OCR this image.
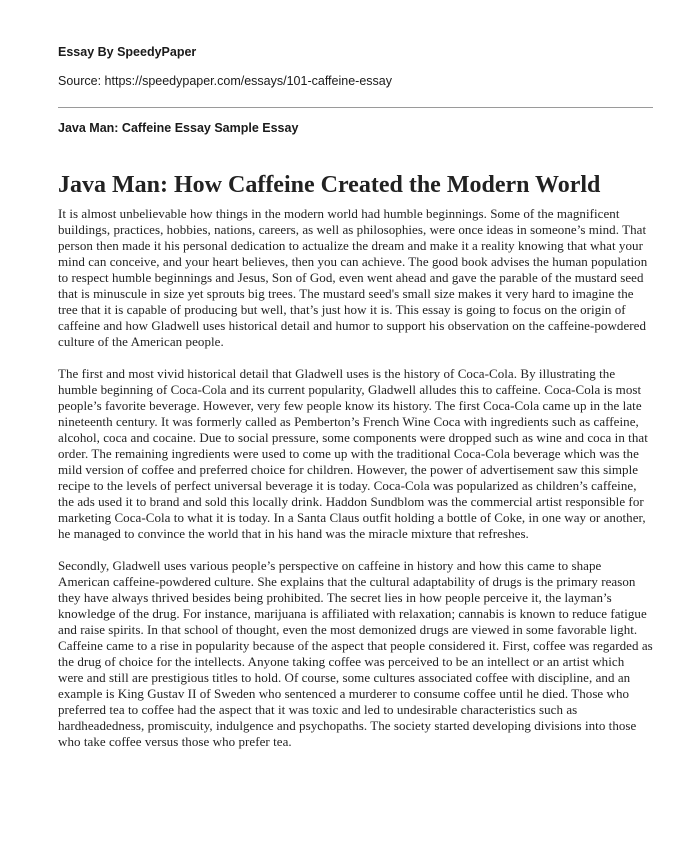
Essay By SpeedyPaper

Source: https://speedypaper.com/essays/101-caffeine-essay

Java Man: Caffeine Essay Sample Essay

Java Man: How Caffeine Created the Modern World

It is almost unbelievable how things in the modern world had humble beginnings. Some of the magnificent buildings, practices, hobbies, nations, careers, as well as philosophies, were once ideas in someone’s mind. That person then made it his personal dedication to actualize the dream and make it a reality knowing that what your mind can conceive, and your heart believes, then you can achieve. The good book advises the human population to respect humble beginnings and Jesus, Son of God, even went ahead and gave the parable of the mustard seed that is minuscule in size yet sprouts big trees. The mustard seed's small size makes it very hard to imagine the tree that it is capable of producing but well, that’s just how it is. This essay is going to focus on the origin of caffeine and how Gladwell uses historical detail and humor to support his observation on the caffeine-powdered culture of the American people.

The first and most vivid historical detail that Gladwell uses is the history of Coca-Cola. By illustrating the humble beginning of Coca-Cola and its current popularity, Gladwell alludes this to caffeine. Coca-Cola is most people’s favorite beverage. However, very few people know its history. The first Coca-Cola came up in the late nineteenth century. It was formerly called as Pemberton’s French Wine Coca with ingredients such as caffeine, alcohol, coca and cocaine. Due to social pressure, some components were dropped such as wine and coca in that order. The remaining ingredients were used to come up with the traditional Coca-Cola beverage which was the mild version of coffee and preferred choice for children. However, the power of advertisement saw this simple recipe to the levels of perfect universal beverage it is today. Coca-Cola was popularized as children’s caffeine, the ads used it to brand and sold this locally drink. Haddon Sundblom was the commercial artist responsible for marketing Coca-Cola to what it is today. In a Santa Claus outfit holding a bottle of Coke, in one way or another, he managed to convince the world that in his hand was the miracle mixture that refreshes.

Secondly, Gladwell uses various people’s perspective on caffeine in history and how this came to shape American caffeine-powdered culture. She explains that the cultural adaptability of drugs is the primary reason they have always thrived besides being prohibited. The secret lies in how people perceive it, the layman’s knowledge of the drug. For instance, marijuana is affiliated with relaxation; cannabis is known to reduce fatigue and raise spirits. In that school of thought, even the most demonized drugs are viewed in some favorable light. Caffeine came to a rise in popularity because of the aspect that people considered it. First, coffee was regarded as the drug of choice for the intellects. Anyone taking coffee was perceived to be an intellect or an artist which were and still are prestigious titles to hold. Of course, some cultures associated coffee with discipline, and an example is King Gustav II of Sweden who sentenced a murderer to consume coffee until he died. Those who preferred tea to coffee had the aspect that it was toxic and led to undesirable characteristics such as hardheadedness, promiscuity, indulgence and psychopaths. The society started developing divisions into those who take coffee versus those who prefer tea.
